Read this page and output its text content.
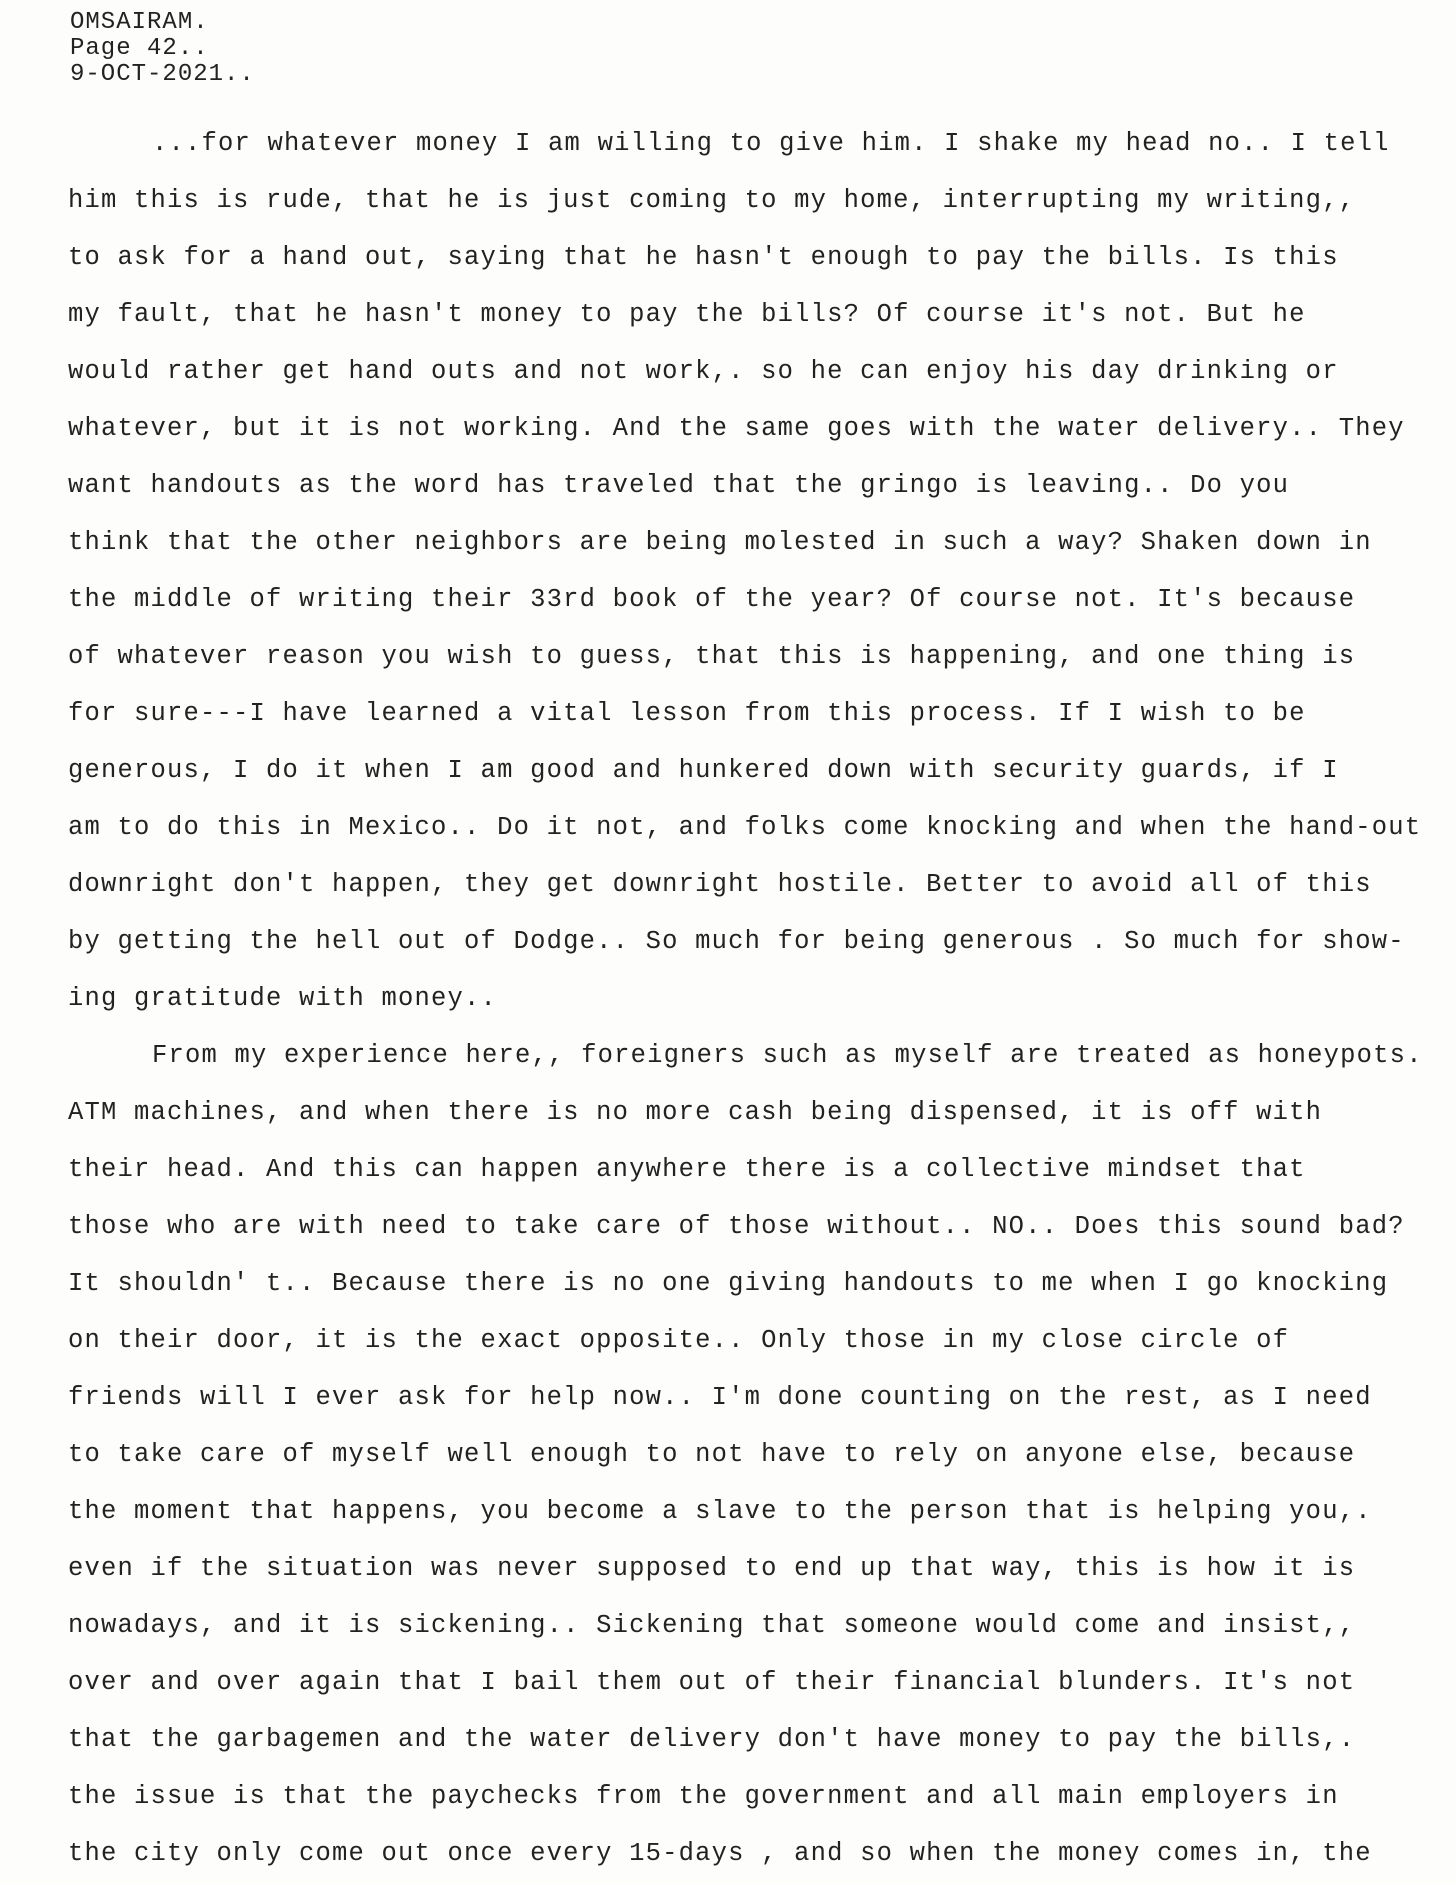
OMSAIRAM.
Page 42..
9-OCT-2021..
...for whatever money I am willing to give him. I shake my head no.. I tell
him this is rude, that he is just coming to my home, interrupting my writing,,
to ask for a hand out, saying that he hasn't enough to pay the bills. Is this
my fault, that he hasn't money to pay the bills? Of course it's not. But he
would rather get hand outs and not work,. so he can enjoy his day drinking or
whatever, but it is not working. And the same goes with the water delivery.. They
want handouts as the word has traveled that the gringo is leaving.. Do you
think that the other neighbors are being molested in such a way? Shaken down in
the middle of writing their 33rd book of the year? Of course not. It's because
of whatever reason you wish to guess, that this is happening, and one thing is
for sure---I have learned a vital lesson from this process. If I wish to be
generous, I do it when I am good and hunkered down with security guards, if I
am to do this in Mexico.. Do it not, and folks come knocking and when the hand-out
downright don't happen, they get downright hostile. Better to avoid all of this
by getting the hell out of Dodge.. So much for being generous . So much for show-
ing gratitude with money..
From my experience here,, foreigners such as myself are treated as honeypots.
ATM machines, and when there is no more cash being dispensed, it is off with
their head. And this can happen anywhere there is a collective mindset that
those who are with need to take care of those without.. NO.. Does this sound bad?
It shouldn' t.. Because there is no one giving handouts to me when I go knocking
on their door, it is the exact opposite.. Only those in my close circle of
friends will I ever ask for help now.. I'm done counting on the rest, as I need
to take care of myself well enough to not have to rely on anyone else, because
the moment that happens, you become a slave to the person that is helping you,.
even if the situation was never supposed to end up that way, this is how it is
nowadays, and it is sickening.. Sickening that someone would come and insist,,
over and over again that I bail them out of their financial blunders. It's not
that the garbagemen and the water delivery don't have money to pay the bills,.
the issue is that the paychecks from the government and all main employers in
the city only come out once every 15-days , and so when the money comes in, the
